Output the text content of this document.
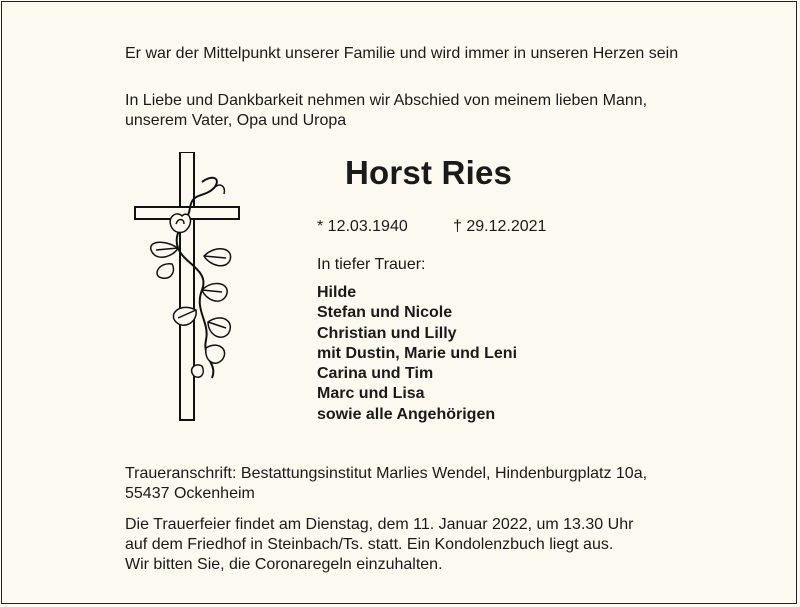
Er war der Mittelpunkt unserer Familie und wird immer in unseren Herzen sein
In Liebe und Dankbarkeit nehmen wir Abschied von meinem lieben Mann,
unserem Vater, Opa und Uropa
Horst Ries
* 12.03.1940	† 29.12.2021
In tiefer Trauer:
Hilde
Stefan und Nicole
Christian und Lilly
mit Dustin, Marie und Leni
Carina und Tim
Marc und Lisa
sowie alle Angehörigen
Traueranschrift: Bestattungsinstitut Marlies Wendel, Hindenburgplatz 10a,
55437 Ockenheim
Die Trauerfeier findet am Dienstag, dem 11. Januar 2022, um 13.30 Uhr
auf dem Friedhof in Steinbach/Ts. statt. Ein Kondolenzbuch liegt aus.
Wir bitten Sie, die Coronaregeln einzuhalten.
